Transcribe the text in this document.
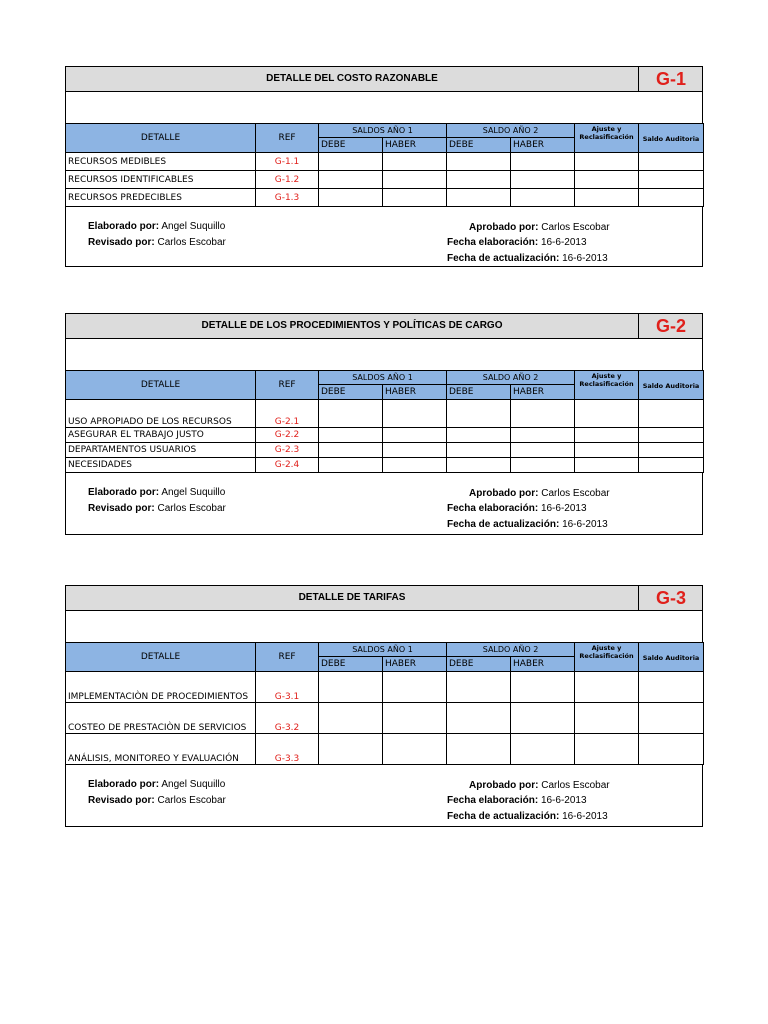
DETALLE DEL COSTO RAZONABLE	G-1
DETALLE	REF	SALDOS AÑO 1		SALDO AÑO 2		Ajuste y Reclasificación	Saldo Auditoria
		DEBE	HABER	DEBE	HABER		
RECURSOS MEDIBLES	G-1.1						
RECURSOS IDENTIFICABLES	G-1.2						
RECURSOS PREDECIBLES	G-1.3						
Elaborado por: Angel Suquillo
Revisado por: Carlos Escobar
Aprobado por: Carlos Escobar
Fecha elaboración: 16-6-2013
Fecha de actualización: 16-6-2013
DETALLE DE LOS PROCEDIMIENTOS Y POLÍTICAS DE CARGO	G-2
DETALLE	REF	SALDOS AÑO 1		SALDO AÑO 2		Ajuste y Reclasificación	Saldo Auditoria
		DEBE	HABER	DEBE	HABER		
USO APROPIADO DE LOS RECURSOS	G-2.1						
ASEGURAR EL TRABAJO JUSTO	G-2.2						
DEPARTAMENTOS USUARIOS	G-2.3						
NECESIDADES	G-2.4						
Elaborado por: Angel Suquillo
Revisado por: Carlos Escobar
Aprobado por: Carlos Escobar
Fecha elaboración: 16-6-2013
Fecha de actualización: 16-6-2013
DETALLE DE TARIFAS	G-3
DETALLE	REF	SALDOS AÑO 1		SALDO AÑO 2		Ajuste y Reclasificación	Saldo Auditoria
		DEBE	HABER	DEBE	HABER		
IMPLEMENTACIÒN DE PROCEDIMIENTOS	G-3.1						
COSTEO DE PRESTACIÒN DE SERVICIOS	G-3.2						
ANÁLISIS, MONITOREO Y EVALUACIÓN	G-3.3						
Elaborado por: Angel Suquillo
Revisado por: Carlos Escobar
Aprobado por: Carlos Escobar
Fecha elaboración: 16-6-2013
Fecha de actualización: 16-6-2013
